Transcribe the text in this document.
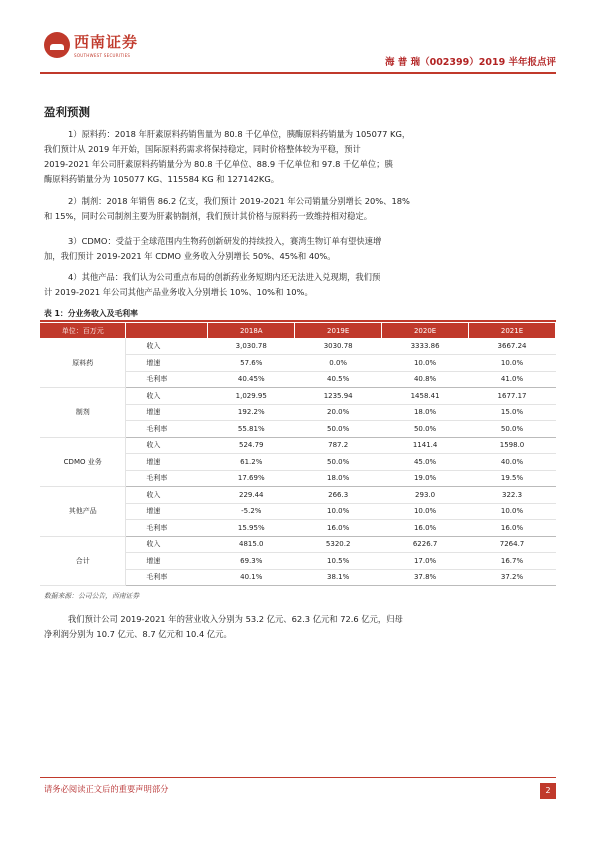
西南证券
SOUTHWEST SECURITIES
海 普 瑞（002399）2019 半年报点评
盈利预测
1）原料药：2018 年肝素原料药销售量为 80.8 千亿单位，胰酶原料药销量为 105077 KG，
我们预计从 2019 年开始，国际原料药需求将保持稳定，同时价格整体较为平稳，预计
2019-2021 年公司肝素原料药销量分为 80.8 千亿单位、88.9 千亿单位和 97.8 千亿单位；胰
酶原料药销量分为 105077 KG、115584 KG 和 127142KG。
2）制剂：2018 年销售 86.2 亿支，我们预计 2019-2021 年公司销量分别增长 20%、18%
和 15%，同时公司制剂主要为肝素钠制剂，我们预计其价格与原料药一致维持相对稳定。
3）CDMO：受益于全球范围内生物药创新研发的持续投入，赛湾生物订单有望快速增
加，我们预计 2019-2021 年 CDMO 业务收入分别增长 50%、45%和 40%。
4）其他产品：我们认为公司重点布局的创新药业务短期内还无法进入兑现期，我们预
计 2019-2021 年公司其他产品业务收入分别增长 10%、10%和 10%。
表 1：分业务收入及毛利率
单位：百万元		2018A	2019E	2020E	2021E
原料药	收入	3,030.78	3030.78	3333.86	3667.24
	增速	57.6%	0.0%	10.0%	10.0%
	毛利率	40.45%	40.5%	40.8%	41.0%
制剂	收入	1,029.95	1235.94	1458.41	1677.17
	增速	192.2%	20.0%	18.0%	15.0%
	毛利率	55.81%	50.0%	50.0%	50.0%
CDMO 业务	收入	524.79	787.2	1141.4	1598.0
	增速	61.2%	50.0%	45.0%	40.0%
	毛利率	17.69%	18.0%	19.0%	19.5%
其他产品	收入	229.44	266.3	293.0	322.3
	增速	-5.2%	10.0%	10.0%	10.0%
	毛利率	15.95%	16.0%	16.0%	16.0%
合计	收入	4815.0	5320.2	6226.7	7264.7
	增速	69.3%	10.5%	17.0%	16.7%
	毛利率	40.1%	38.1%	37.8%	37.2%
数据来源：公司公告，西南证券
我们预计公司 2019-2021 年的营业收入分别为 53.2 亿元、62.3 亿元和 72.6 亿元，归母
净利润分别为 10.7 亿元、8.7 亿元和 10.4 亿元。
请务必阅读正文后的重要声明部分	2
